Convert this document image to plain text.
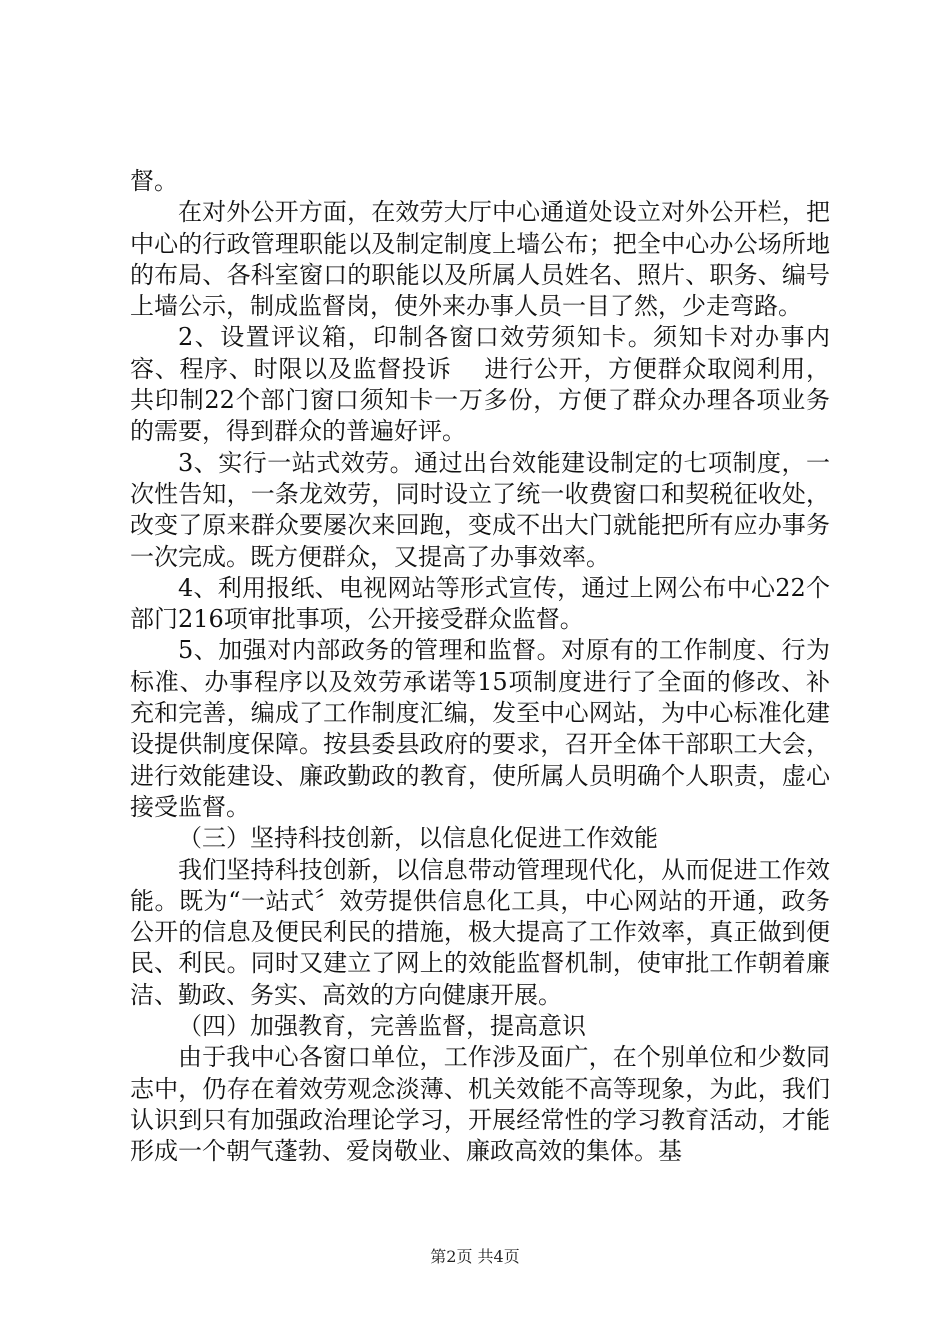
督。

在对外公开方面，在效劳大厅中心通道处设立对外公开栏，把中心的行政管理职能以及制定制度上墙公布；把全中心办公场所地的布局、各科室窗口的职能以及所属人员姓名、照片、职务、编号上墙公示，制成监督岗，使外来办事人员一目了然，少走弯路。

2、设置评议箱，印制各窗口效劳须知卡。须知卡对办事内容、程序、时限以及监督投诉　 进行公开，方便群众取阅利用，共印制22个部门窗口须知卡一万多份，方便了群众办理各项业务的需要，得到群众的普遍好评。

3、实行一站式效劳。通过出台效能建设制定的七项制度，一次性告知，一条龙效劳，同时设立了统一收费窗口和契税征收处，改变了原来群众要屡次来回跑，变成不出大门就能把所有应办事务一次完成。既方便群众，又提高了办事效率。

4、利用报纸、电视网站等形式宣传，通过上网公布中心22个部门216项审批事项，公开接受群众监督。

5、加强对内部政务的管理和监督。对原有的工作制度、行为标准、办事程序以及效劳承诺等15项制度进行了全面的修改、补充和完善，编成了工作制度汇编，发至中心网站，为中心标准化建设提供制度保障。按县委县政府的要求，召开全体干部职工大会，进行效能建设、廉政勤政的教育，使所属人员明确个人职责，虚心接受监督。

（三）坚持科技创新，以信息化促进工作效能

我们坚持科技创新，以信息带动管理现代化，从而促进工作效能。既为“一站式〞效劳提供信息化工具，中心网站的开通，政务公开的信息及便民利民的措施，极大提高了工作效率，真正做到便民、利民。同时又建立了网上的效能监督机制，使审批工作朝着廉洁、勤政、务实、高效的方向健康开展。

（四）加强教育，完善监督，提高意识

由于我中心各窗口单位，工作涉及面广，在个别单位和少数同志中，仍存在着效劳观念淡薄、机关效能不高等现象，为此，我们认识到只有加强政治理论学习，开展经常性的学习教育活动，才能形成一个朝气蓬勃、爱岗敬业、廉政高效的集体。基

第2页 共4页
